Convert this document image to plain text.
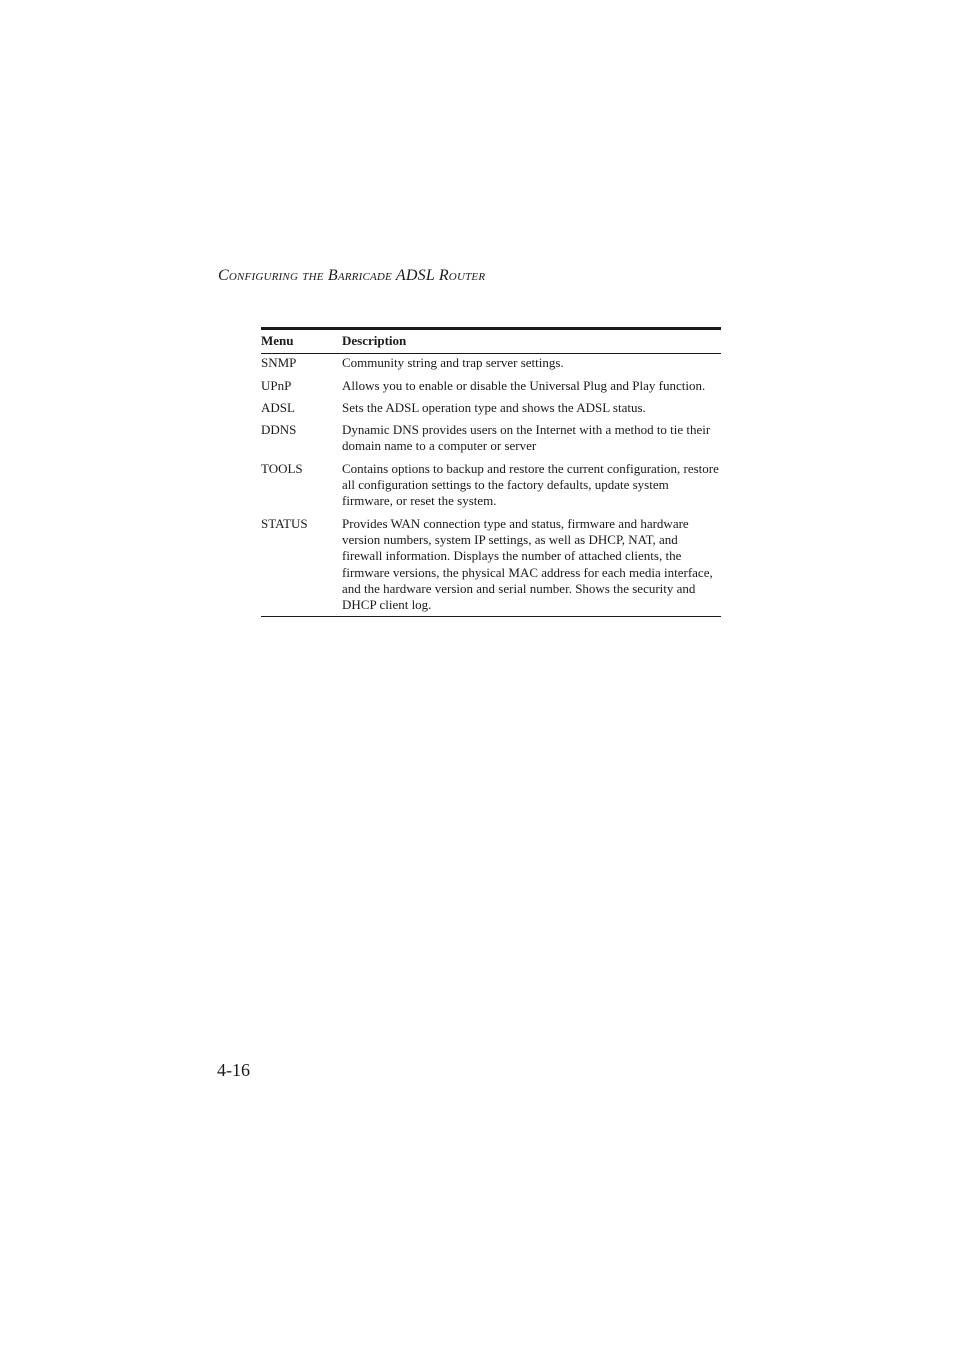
Configuring the Barricade ADSL Router
Menu	Description
SNMP	Community string and trap server settings.
UPnP	Allows you to enable or disable the Universal Plug and Play function.
ADSL	Sets the ADSL operation type and shows the ADSL status.
DDNS	Dynamic DNS provides users on the Internet with a method to tie their domain name to a computer or server
TOOLS	Contains options to backup and restore the current configuration, restore all configuration settings to the factory defaults, update system firmware, or reset the system.
STATUS	Provides WAN connection type and status, firmware and hardware version numbers, system IP settings, as well as DHCP, NAT, and firewall information. Displays the number of attached clients, the firmware versions, the physical MAC address for each media interface, and the hardware version and serial number. Shows the security and DHCP client log.
4-16
